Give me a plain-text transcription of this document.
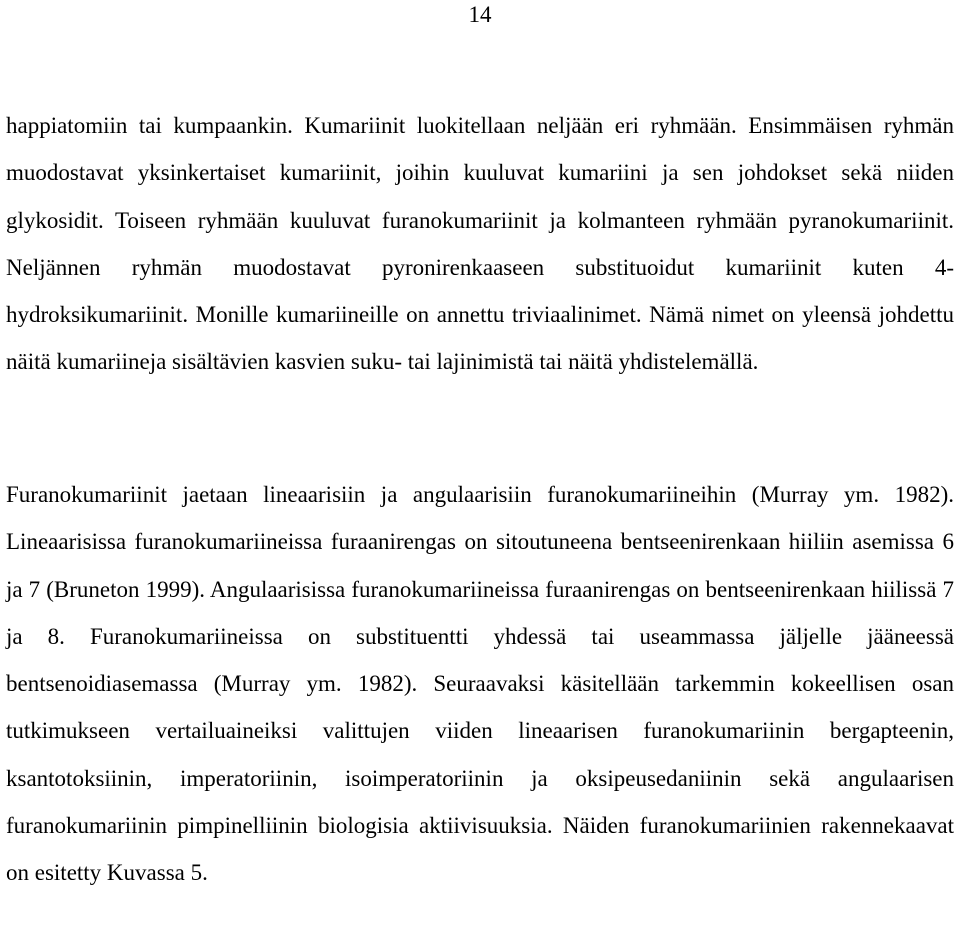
14

happiatomiin tai kumpaankin. Kumariinit luokitellaan neljään eri ryhmään. Ensimmäisen ryhmän muodostavat yksinkertaiset kumariinit, joihin kuuluvat kumariini ja sen johdokset sekä niiden glykosidit. Toiseen ryhmään kuuluvat furanokumariinit ja kolmanteen ryhmään pyranokumariinit. Neljännen ryhmän muodostavat pyronirenkaaseen substituoidut kumariinit kuten 4-hydroksikumariinit. Monille kumariineille on annettu triviaalinimet. Nämä nimet on yleensä johdettu näitä kumariineja sisältävien kasvien suku- tai lajinimistä tai näitä yhdistelemällä.

Furanokumariinit jaetaan lineaarisiin ja angulaarisiin furanokumariineihin (Murray ym. 1982). Lineaarisissa furanokumariineissa furaanirengas on sitoutuneena bentseenirenkaan hiiliin asemissa 6 ja 7 (Bruneton 1999). Angulaarisissa furanokumariineissa furaanirengas on bentseenirenkaan hiilissä 7 ja 8. Furanokumariineissa on substituentti yhdessä tai useammassa jäljelle jääneessä bentsenoidiasemassa (Murray ym. 1982). Seuraavaksi käsitellään tarkemmin kokeellisen osan tutkimukseen vertailuaineiksi valittujen viiden lineaarisen furanokumariinin bergapteenin, ksantotoksiinin, imperatoriinin, isoimperatoriinin ja oksipeusedaniinin sekä angulaarisen furanokumariinin pimpinelliinin biologisia aktiivisuuksia. Näiden furanokumariinien rakennekaavat on esitetty Kuvassa 5.
